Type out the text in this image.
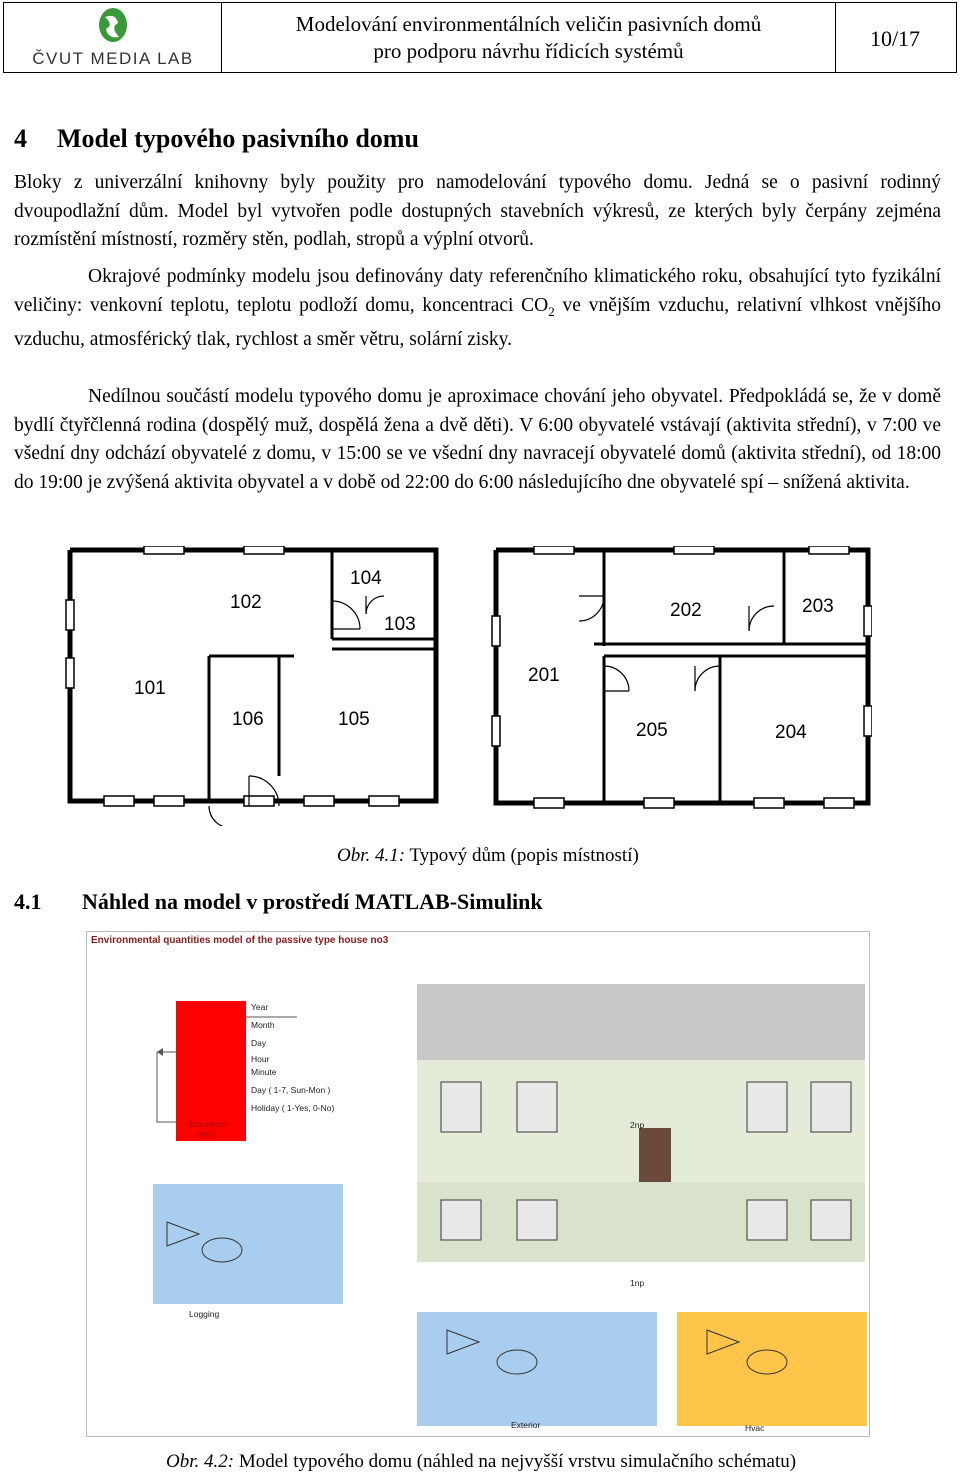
ČVUT MEDIA LAB
Modelování environmentálních veličin pasivních domů
pro podporu návrhu řídicích systémů	10/17
4 Model typového pasivního domu

Bloky z univerzální knihovny byly použity pro namodelování typového domu. Jedná se o pasivní rodinný dvoupodlažní dům. Model byl vytvořen podle dostupných stavebních výkresů, ze kterých byly čerpány zejména rozmístění místností, rozměry stěn, podlah, stropů a výplní otvorů.

Okrajové podmínky modelu jsou definovány daty referenčního klimatického roku, obsahující tyto fyzikální veličiny: venkovní teplotu, teplotu podloží domu, koncentraci $CO_2$ ve vnějším vzduchu, relativní vlhkost vnějšího vzduchu, atmosférický tlak, rychlost a směr větru, solární zisky.

Nedílnou součástí modelu typového domu je aproximace chování jeho obyvatel. Předpokládá se, že v domě bydlí čtyřčlenná rodina (dospělý muž, dospělá žena a dvě děti). V 6:00 obyvatelé vstávají (aktivita střední), v 7:00 ve všední dny odchází obyvatelé z domu, v 15:00 se ve všední dny navracejí obyvatelé domů (aktivita střední), od 18:00 do 19:00 je zvýšená aktivita obyvatel a v době od 22:00 do 6:00 následujícího dne obyvatelé spí – snížená aktivita.

101
102
103
104
105
106
201
202	203
204
205
Obr. 4.1: Typový dům (popis místností)
4.1 Náhled na model v prostředí MATLAB-Simulink
Environmental quantities model of the passive type house no3
Simulation
clock
Year
Month
Day
Hour
Minute
Day ( 1-7, Sun-Mon )
Holiday ( 1-Yes, 0-No)
2np
1np
Logging
Exterior	Hvac
Obr. 4.2: Model typového domu (náhled na nejvyšší vrstvu simulačního schématu)
